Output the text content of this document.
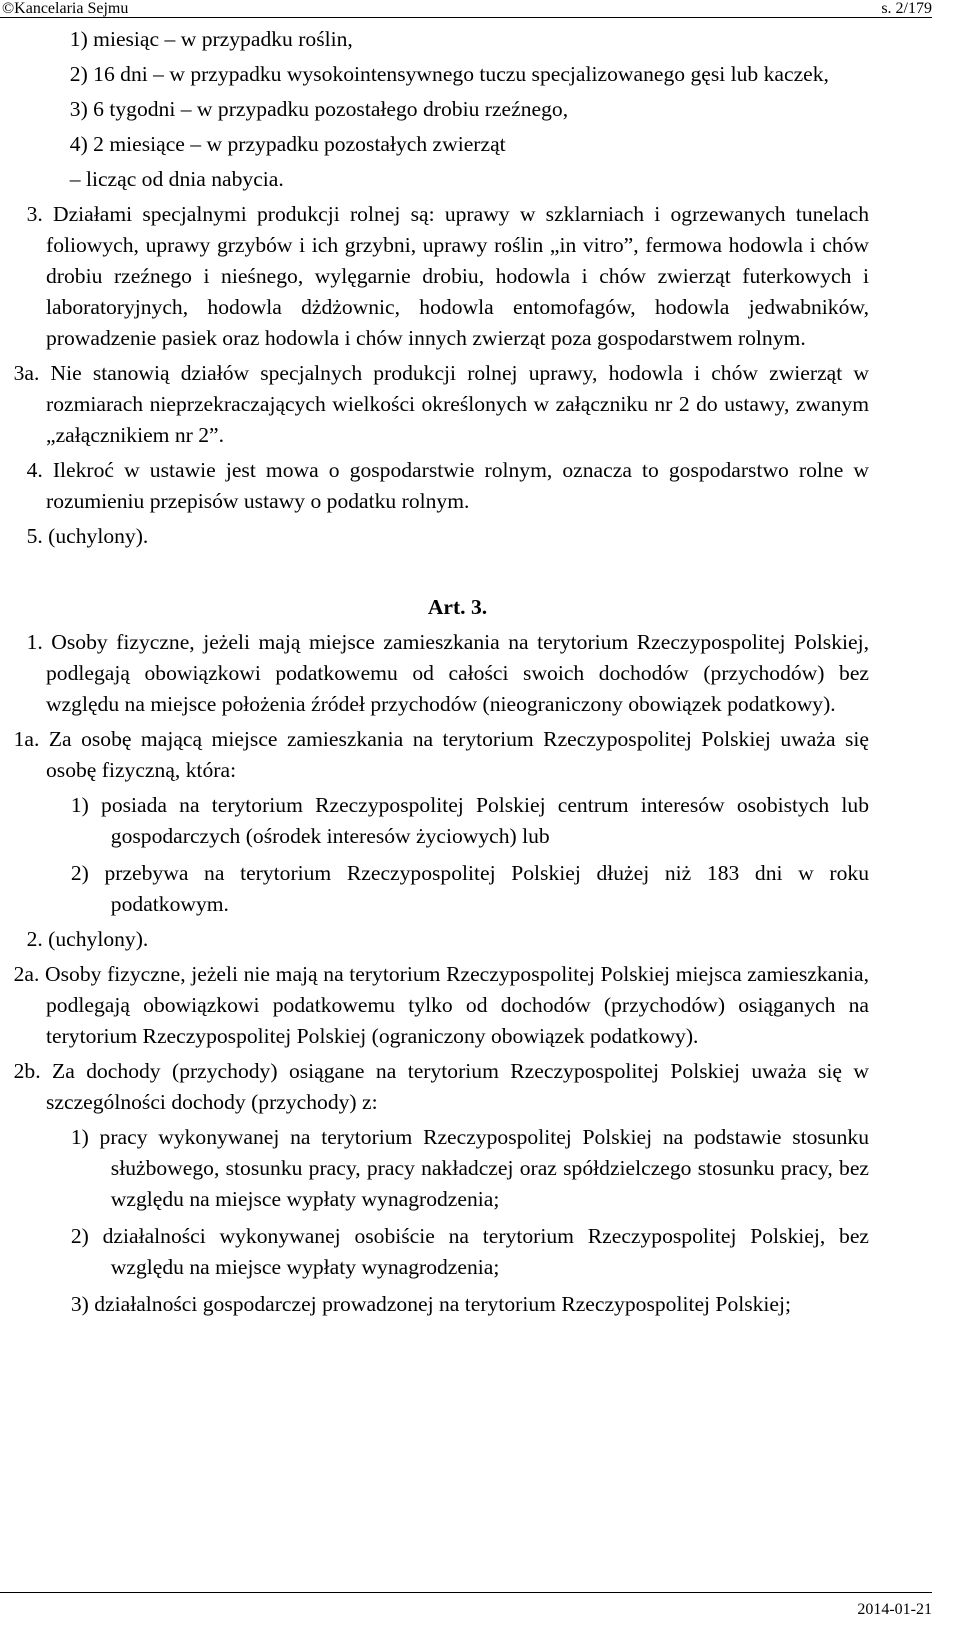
©Kancelaria Sejmu	s. 2/179

1) miesiąc – w przypadku roślin,

2) 16 dni – w przypadku wysokointensywnego tuczu specjalizowanego gęsi lub kaczek,

3) 6 tygodni – w przypadku pozostałego drobiu rzeźnego,

4) 2 miesiące – w przypadku pozostałych zwierząt

– licząc od dnia nabycia.

3. Działami specjalnymi produkcji rolnej są: uprawy w szklarniach i ogrzewanych tunelach foliowych, uprawy grzybów i ich grzybni, uprawy roślin „in vitro”, fermowa hodowla i chów drobiu rzeźnego i nieśnego, wylęgarnie drobiu, hodowla i chów zwierząt futerkowych i laboratoryjnych, hodowla dżdżownic, hodowla entomofagów, hodowla jedwabników, prowadzenie pasiek oraz hodowla i chów innych zwierząt poza gospodarstwem rolnym.

3a. Nie stanowią działów specjalnych produkcji rolnej uprawy, hodowla i chów zwierząt w rozmiarach nieprzekraczających wielkości określonych w załączniku nr 2 do ustawy, zwanym „załącznikiem nr 2”.

4. Ilekroć w ustawie jest mowa o gospodarstwie rolnym, oznacza to gospodarstwo rolne w rozumieniu przepisów ustawy o podatku rolnym.

5. (uchylony).

Art. 3.

1. Osoby fizyczne, jeżeli mają miejsce zamieszkania na terytorium Rzeczypospolitej Polskiej, podlegają obowiązkowi podatkowemu od całości swoich dochodów (przychodów) bez względu na miejsce położenia źródeł przychodów (nieograniczony obowiązek podatkowy).

1a. Za osobę mającą miejsce zamieszkania na terytorium Rzeczypospolitej Polskiej uważa się osobę fizyczną, która:

1) posiada na terytorium Rzeczypospolitej Polskiej centrum interesów osobistych lub gospodarczych (ośrodek interesów życiowych) lub

2) przebywa na terytorium Rzeczypospolitej Polskiej dłużej niż 183 dni w roku podatkowym.

2. (uchylony).

2a. Osoby fizyczne, jeżeli nie mają na terytorium Rzeczypospolitej Polskiej miejsca zamieszkania, podlegają obowiązkowi podatkowemu tylko od dochodów (przychodów) osiąganych na terytorium Rzeczypospolitej Polskiej (ograniczony obowiązek podatkowy).

2b. Za dochody (przychody) osiągane na terytorium Rzeczypospolitej Polskiej uważa się w szczególności dochody (przychody) z:

1) pracy wykonywanej na terytorium Rzeczypospolitej Polskiej na podstawie stosunku służbowego, stosunku pracy, pracy nakładczej oraz spółdzielczego stosunku pracy, bez względu na miejsce wypłaty wynagrodzenia;

2) działalności wykonywanej osobiście na terytorium Rzeczypospolitej Polskiej, bez względu na miejsce wypłaty wynagrodzenia;

3) działalności gospodarczej prowadzonej na terytorium Rzeczypospolitej Polskiej;

2014-01-21
